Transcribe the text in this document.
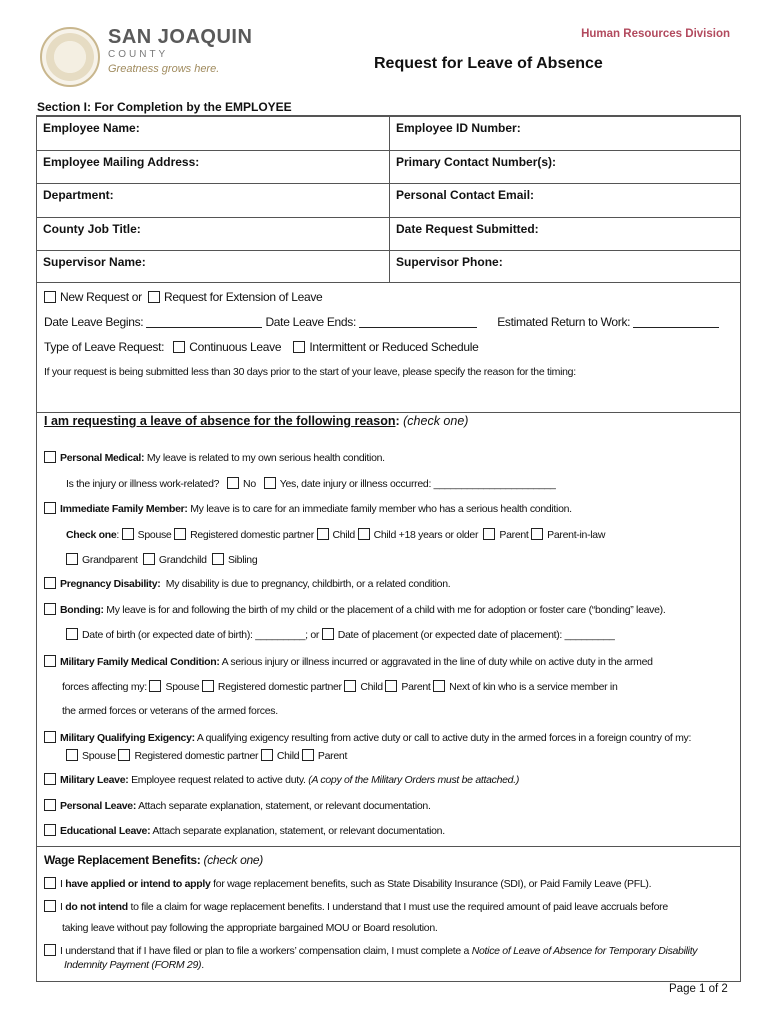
SAN JOAQUIN
COUNTY
Greatness grows here.
Human Resources Division
Request for Leave of Absence
Section I: For Completion by the EMPLOYEE
Employee Name:	Employee ID Number:
Employee Mailing Address:	Primary Contact Number(s):
Department:	Personal Contact Email:
County Job Title:	Date Request Submitted:
Supervisor Name:	Supervisor Phone:
New Request or Request for Extension of Leave
Date Leave Begins:	Date Leave Ends:	Estimated Return to Work:
Type of Leave Request: Continuous Leave Intermittent or Reduced Schedule
If your request is being submitted less than 30 days prior to the start of your leave, please specify the reason for the timing:
I am requesting a leave of absence for the following reason: (check one)
Personal Medical: My leave is related to my own serious health condition.
Is the injury or illness work-related? No Yes, date injury or illness occurred: ______________________
Immediate Family Member: My leave is to care for an immediate family member who has a serious health condition.
Check one: Spouse Registered domestic partner Child Child +18 years or older Parent Parent-in-law
Grandparent Grandchild Sibling
Pregnancy Disability: My disability is due to pregnancy, childbirth, or a related condition.
Bonding: My leave is for and following the birth of my child or the placement of a child with me for adoption or foster care (“bonding” leave).
Date of birth (or expected date of birth): _________; or Date of placement (or expected date of placement): _________
Military Family Medical Condition: A serious injury or illness incurred or aggravated in the line of duty while on active duty in the armed
forces affecting my: Spouse Registered domestic partner Child Parent Next of kin who is a service member in
the armed forces or veterans of the armed forces.
Military Qualifying Exigency: A qualifying exigency resulting from active duty or call to active duty in the armed forces in a foreign country of my:
Spouse Registered domestic partner Child Parent
Military Leave: Employee request related to active duty. (A copy of the Military Orders must be attached.)
Personal Leave: Attach separate explanation, statement, or relevant documentation.
Educational Leave: Attach separate explanation, statement, or relevant documentation.
Wage Replacement Benefits: (check one)
I have applied or intend to apply for wage replacement benefits, such as State Disability Insurance (SDI), or Paid Family Leave (PFL).
I do not intend to file a claim for wage replacement benefits. I understand that I must use the required amount of paid leave accruals before
taking leave without pay following the appropriate bargained MOU or Board resolution.
I understand that if I have filed or plan to file a workers’ compensation claim, I must complete a Notice of Leave of Absence for Temporary Disability
Indemnity Payment (FORM 29).
Page 1 of 2
